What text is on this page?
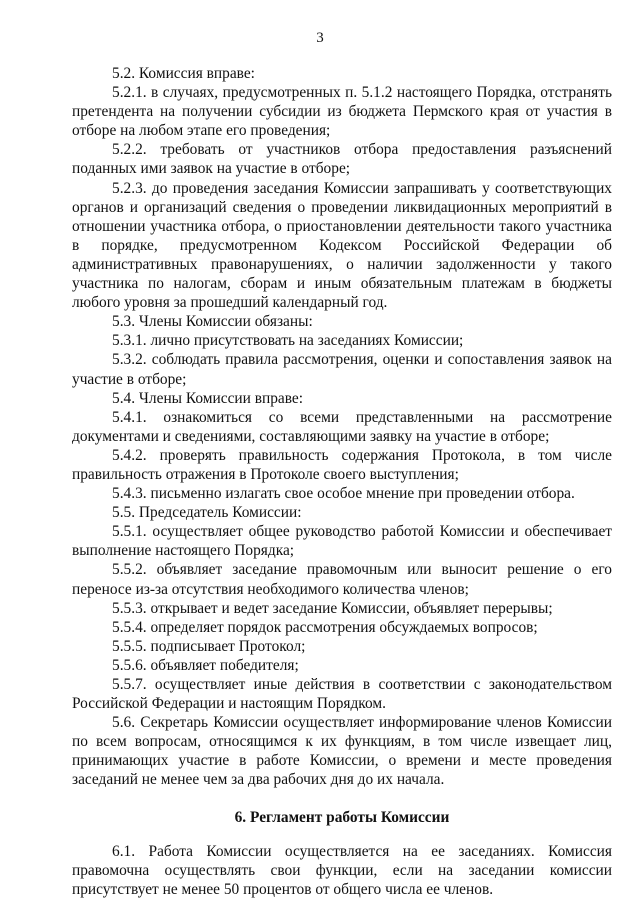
3

5.2. Комиссия вправе:

5.2.1. в случаях, предусмотренных п. 5.1.2 настоящего Порядка, отстранять претендента на получении субсидии из бюджета Пермского края от участия в отборе на любом этапе его проведения;

5.2.2. требовать от участников отбора предоставления разъяснений поданных ими заявок на участие в отборе;

5.2.3. до проведения заседания Комиссии запрашивать у соответствующих органов и организаций сведения о проведении ликвидационных мероприятий в отношении участника отбора, о приостановлении деятельности такого участника в порядке, предусмотренном Кодексом Российской Федерации об административных правонарушениях, о наличии задолженности у такого участника по налогам, сборам и иным обязательным платежам в бюджеты любого уровня за прошедший календарный год.

5.3. Члены Комиссии обязаны:

5.3.1. лично присутствовать на заседаниях Комиссии;

5.3.2. соблюдать правила рассмотрения, оценки и сопоставления заявок на участие в отборе;

5.4. Члены Комиссии вправе:

5.4.1. ознакомиться со всеми представленными на рассмотрение документами и сведениями, составляющими заявку на участие в отборе;

5.4.2. проверять правильность содержания Протокола, в том числе правильность отражения в Протоколе своего выступления;

5.4.3. письменно излагать свое особое мнение при проведении отбора.

5.5. Председатель Комиссии:

5.5.1. осуществляет общее руководство работой Комиссии и обеспечивает выполнение настоящего Порядка;

5.5.2. объявляет заседание правомочным или выносит решение о его переносе из-за отсутствия необходимого количества членов;

5.5.3. открывает и ведет заседание Комиссии, объявляет перерывы;

5.5.4. определяет порядок рассмотрения обсуждаемых вопросов;

5.5.5. подписывает Протокол;

5.5.6. объявляет победителя;

5.5.7. осуществляет иные действия в соответствии с законодательством Российской Федерации и настоящим Порядком.

5.6. Секретарь Комиссии осуществляет информирование членов Комиссии по всем вопросам, относящимся к их функциям, в том числе извещает лиц, принимающих участие в работе Комиссии, о времени и месте проведения заседаний не менее чем за два рабочих дня до их начала.

6. Регламент работы Комиссии

6.1. Работа Комиссии осуществляется на ее заседаниях. Комиссия правомочна осуществлять свои функции, если на заседании комиссии присутствует не менее 50 процентов от общего числа ее членов.
